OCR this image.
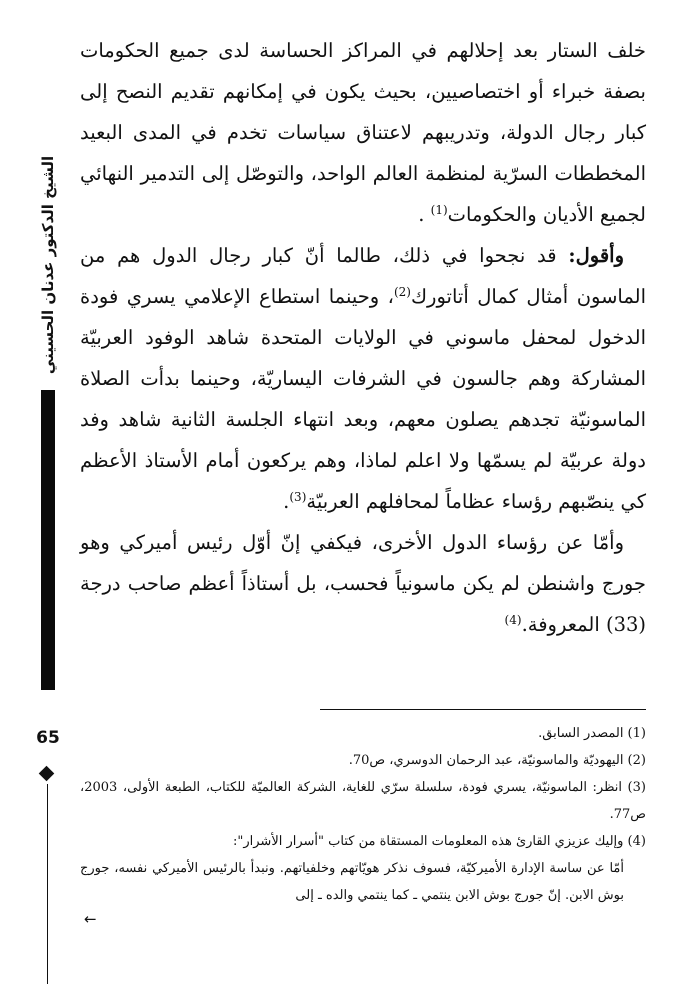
خلف الستار بعد إحلالهم في المراكز الحساسة لدى جميع الحكومات بصفة خبراء أو اختصاصيين، بحيث يكون في إمكانهم تقديم النصح إلى كبار رجال الدولة، وتدريبهم لاعتناق سياسات تخدم في المدى البعيد المخططات السرّية لمنظمة العالم الواحد، والتوصّل إلى التدمير النهائي لجميع الأديان والحكومات$^{(1)}$ .

وأقول: قد نجحوا في ذلك، طالما أنّ كبار رجال الدول هم من الماسون أمثال كمال أتاتورك$^{(2)}$، وحينما استطاع الإعلامي يسري فودة الدخول لمحفل ماسوني في الولايات المتحدة شاهد الوفود العربيّة المشاركة وهم جالسون في الشرفات اليساريّة، وحينما بدأت الصلاة الماسونيّة تجدهم يصلون معهم، وبعد انتهاء الجلسة الثانية شاهد وفد دولة عربيّة لم يسمّها ولا اعلم لماذا، وهم يركعون أمام الأستاذ الأعظم كي ينصّبهم رؤساء عظاماً لمحافلهم العربيّة$^{(3)}$.

وأمّا عن رؤساء الدول الأخرى، فيكفي إنّ أوّل رئيس أميركي وهو جورج واشنطن لم يكن ماسونياً فحسب، بل أستاذاً أعظم صاحب درجة (33) المعروفة.$^{(4)}$

(1) المصدر السابق.

(2) اليهوديّة والماسونيّة، عبد الرحمان الدوسري، ص70.

(3) انظر: الماسونيّة، يسري فودة، سلسلة سرّي للغاية، الشركة العالميّة للكتاب، الطبعة الأولى، 2003، ص77.

(4) وإليك عزيزي القارئ هذه المعلومات المستقاة من كتاب "أسرار الأشرار":

أمّا عن ساسة الإدارة الأميركيّة، فسوف نذكر هويّاتهم وخلفياتهم. ونبدأ بالرئيس الأميركي نفسه، جورج بوش الابن. إنّ جورج بوش الابن ينتمي ـ كما ينتمي والده ـ إلى

←
الشيخ الدكتور عدنان الحسيني
65
